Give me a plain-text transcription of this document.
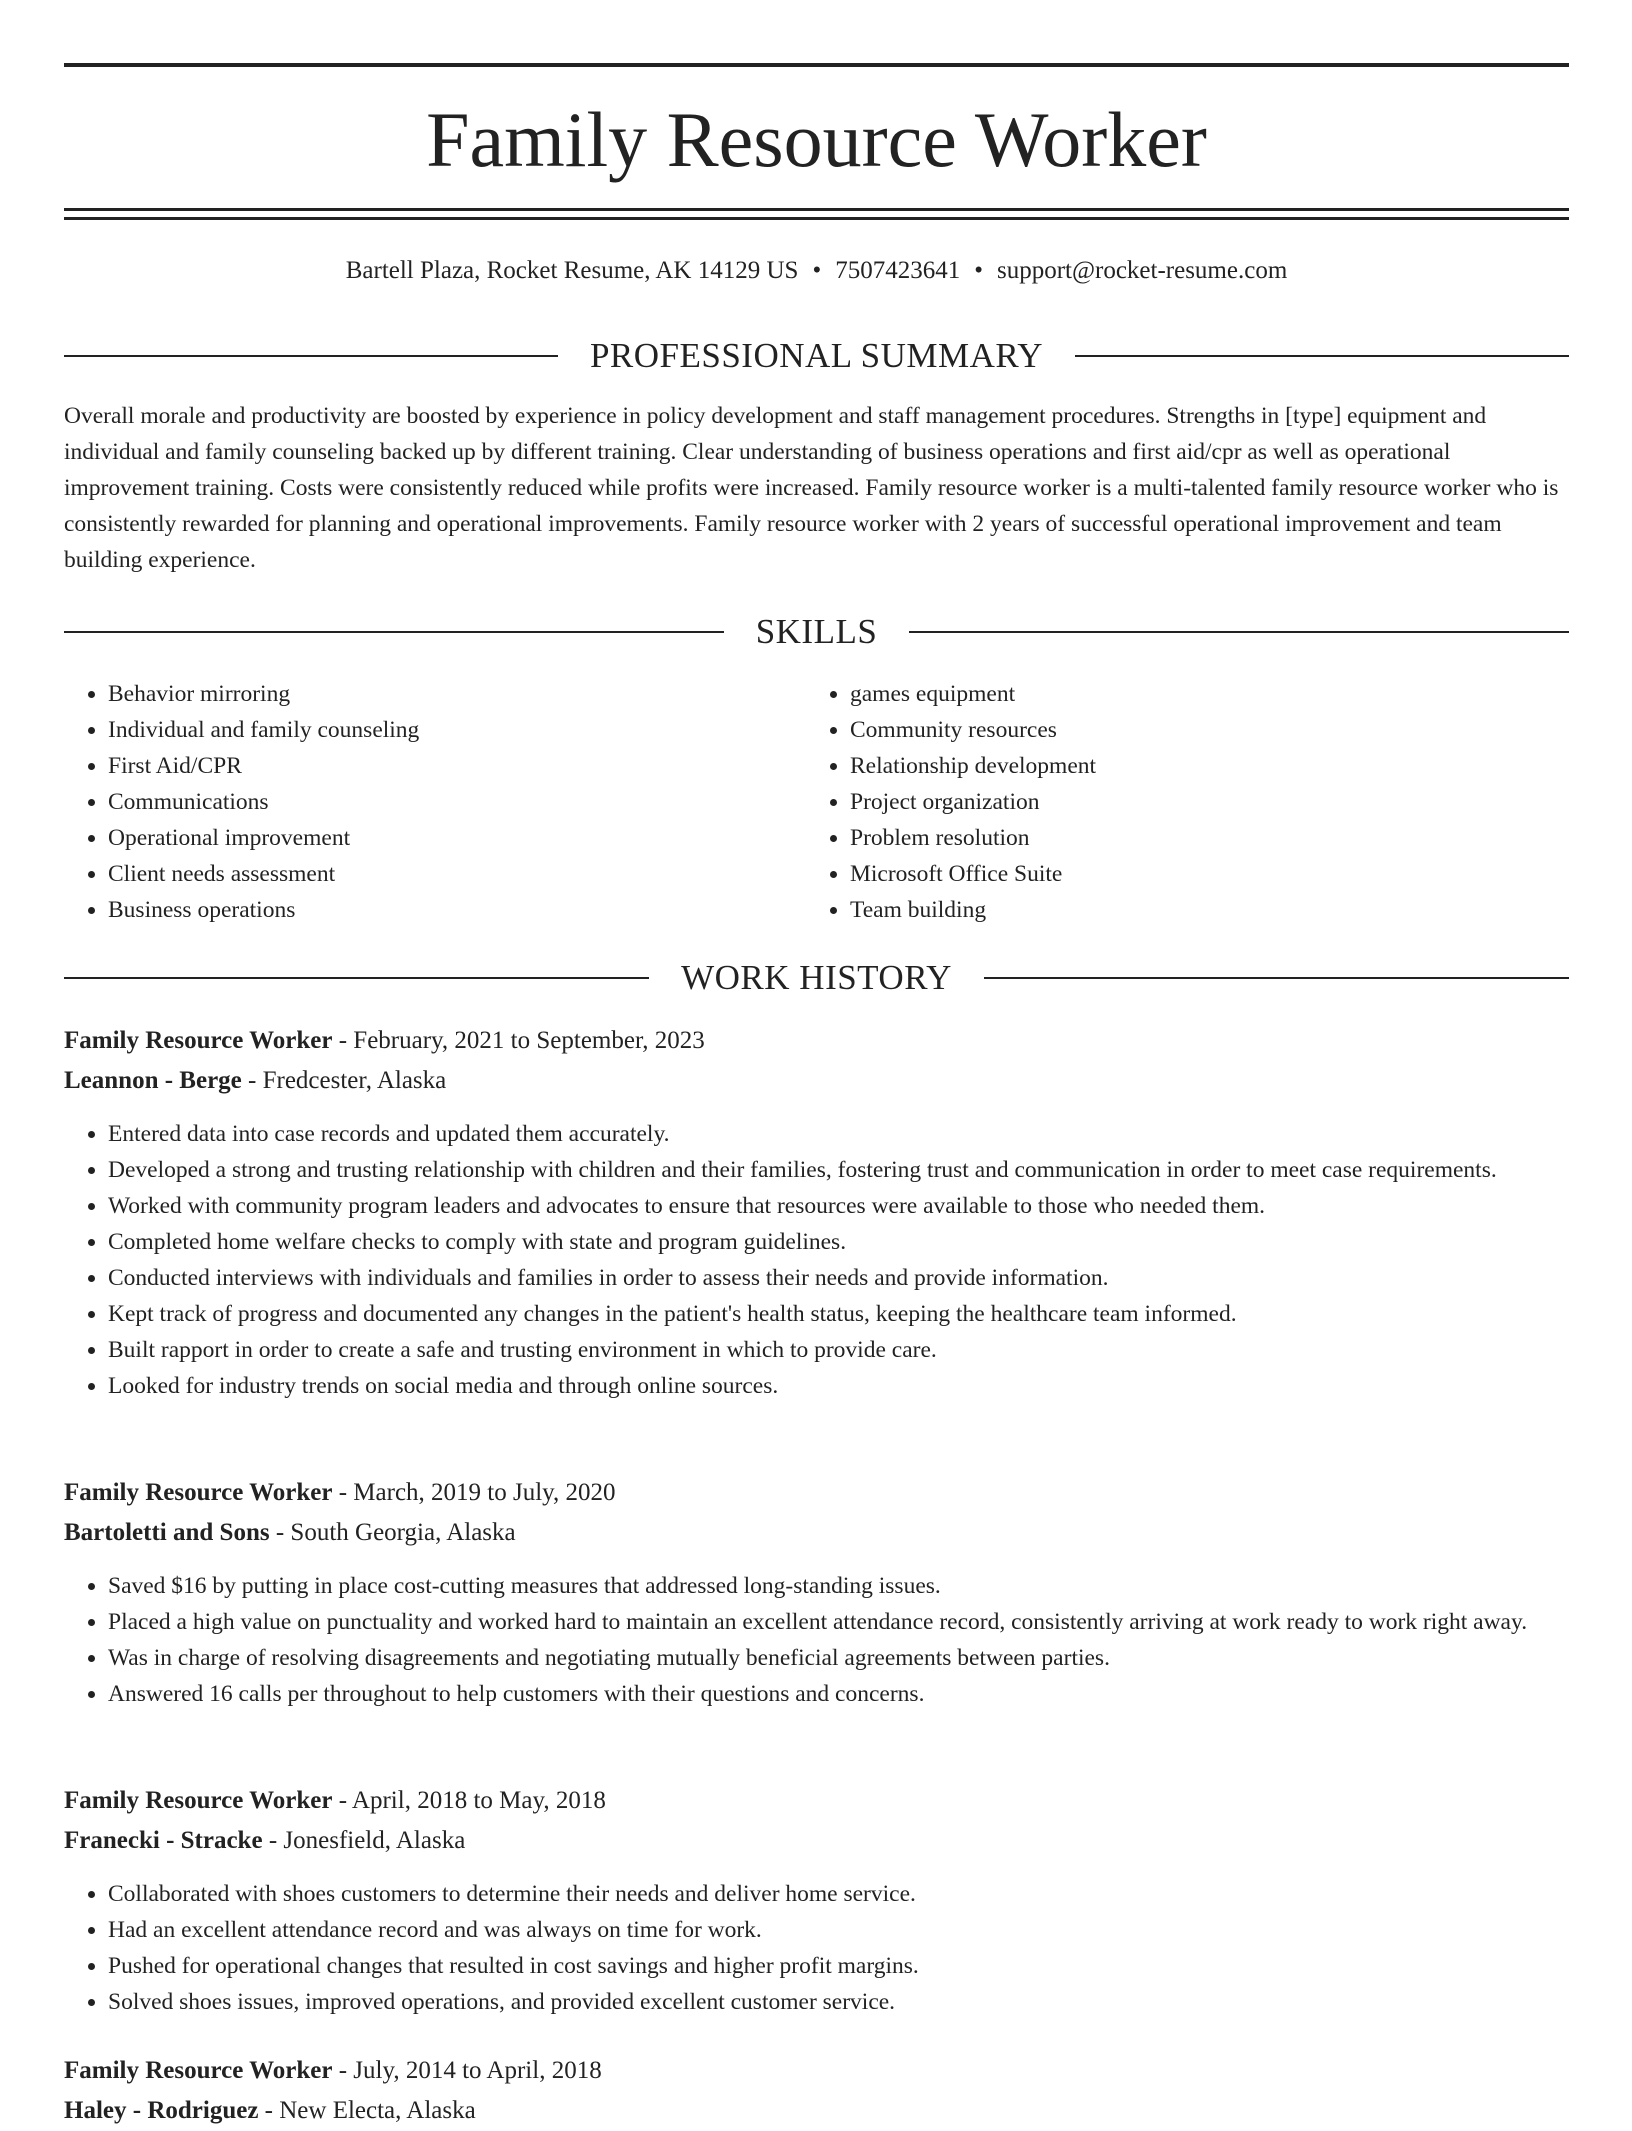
Family Resource Worker
Bartell Plaza, Rocket Resume, AK 14129 US • 7507423641 • support@rocket-resume.com
PROFESSIONAL SUMMARY

Overall morale and productivity are boosted by experience in policy development and staff management procedures. Strengths in [type] equipment and individual and family counseling backed up by different training. Clear understanding of business operations and first aid/cpr as well as operational improvement training. Costs were consistently reduced while profits were increased. Family resource worker is a multi-talented family resource worker who is consistently rewarded for planning and operational improvements. Family resource worker with 2 years of successful operational improvement and team building experience.

SKILLS
• Behavior mirroring
• Individual and family counseling
• First Aid/CPR
• Communications
• Operational improvement
• Client needs assessment
• Business operations
• games equipment
• Community resources
• Relationship development
• Project organization
• Problem resolution
• Microsoft Office Suite
• Team building
WORK HISTORY
Family Resource Worker - February, 2021 to September, 2023
Leannon - Berge - Fredcester, Alaska
• Entered data into case records and updated them accurately.
• Developed a strong and trusting relationship with children and their families, fostering trust and communication in order to meet case requirements.
• Worked with community program leaders and advocates to ensure that resources were available to those who needed them.
• Completed home welfare checks to comply with state and program guidelines.
• Conducted interviews with individuals and families in order to assess their needs and provide information.
• Kept track of progress and documented any changes in the patient's health status, keeping the healthcare team informed.
• Built rapport in order to create a safe and trusting environment in which to provide care.
• Looked for industry trends on social media and through online sources.
Family Resource Worker - March, 2019 to July, 2020
Bartoletti and Sons - South Georgia, Alaska
• Saved $16 by putting in place cost-cutting measures that addressed long-standing issues.
• Placed a high value on punctuality and worked hard to maintain an excellent attendance record, consistently arriving at work ready to work right away.
• Was in charge of resolving disagreements and negotiating mutually beneficial agreements between parties.
• Answered 16 calls per throughout to help customers with their questions and concerns.
Family Resource Worker - April, 2018 to May, 2018
Franecki - Stracke - Jonesfield, Alaska
• Collaborated with shoes customers to determine their needs and deliver home service.
• Had an excellent attendance record and was always on time for work.
• Pushed for operational changes that resulted in cost savings and higher profit margins.
• Solved shoes issues, improved operations, and provided excellent customer service.
Family Resource Worker - July, 2014 to April, 2018
Haley - Rodriguez - New Electa, Alaska
